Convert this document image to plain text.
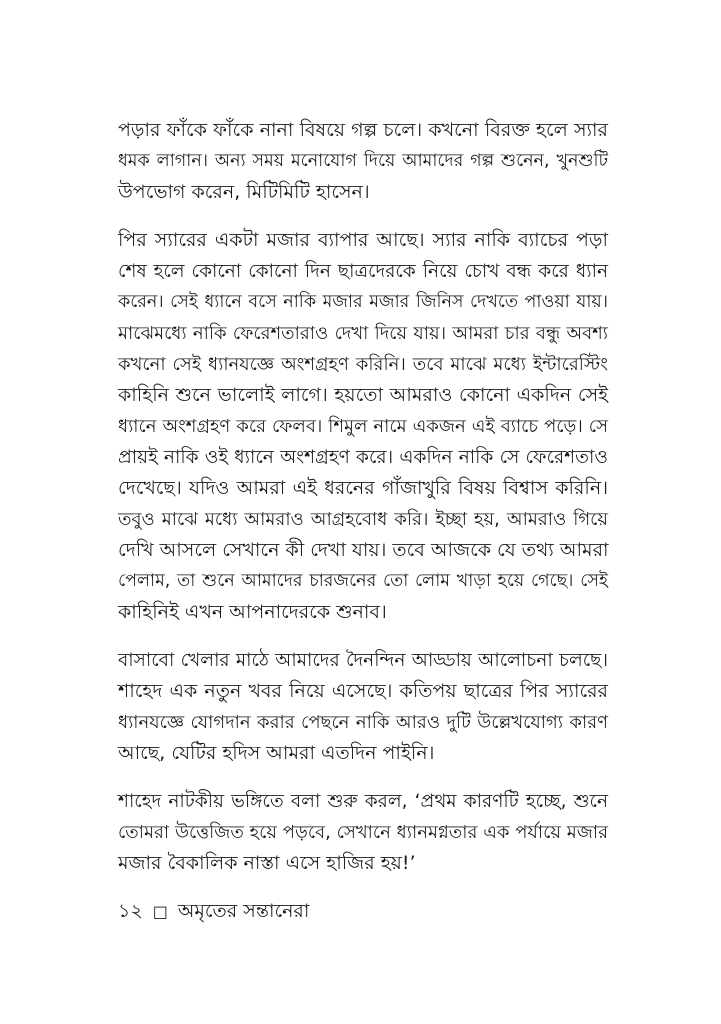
পড়ার ফাঁকে ফাঁকে নানা বিষয়ে গল্প চলে। কখনো বিরক্ত হলে স্যার
ধমক লাগান। অন্য সময় মনোযোগ দিয়ে আমাদের গল্প শুনেন, খুনশুটি
উপভোগ করেন, মিটিমিটি হাসেন।
পির স্যারের একটা মজার ব্যাপার আছে। স্যার নাকি ব্যাচের পড়া
শেষ হলে কোনো কোনো দিন ছাত্রদেরকে নিয়ে চোখ বন্ধ করে ধ্যান
করেন। সেই ধ্যানে বসে নাকি মজার মজার জিনিস দেখতে পাওয়া যায়।
মাঝেমধ্যে নাকি ফেরেশতারাও দেখা দিয়ে যায়। আমরা চার বন্ধু অবশ্য
কখনো সেই ধ্যানযজ্ঞে অংশগ্রহণ করিনি। তবে মাঝে মধ্যে ইন্টারেস্টিং
কাহিনি শুনে ভালোই লাগে। হয়তো আমরাও কোনো একদিন সেই
ধ্যানে অংশগ্রহণ করে ফেলব। শিমুল নামে একজন এই ব্যাচে পড়ে। সে
প্রায়ই নাকি ওই ধ্যানে অংশগ্রহণ করে। একদিন নাকি সে ফেরেশতাও
দেখেছে। যদিও আমরা এই ধরনের গাঁজাখুরি বিষয় বিশ্বাস করিনি।
তবুও মাঝে মধ্যে আমরাও আগ্রহবোধ করি। ইচ্ছা হয়, আমরাও গিয়ে
দেখি আসলে সেখানে কী দেখা যায়। তবে আজকে যে তথ্য আমরা
পেলাম, তা শুনে আমাদের চারজনের তো লোম খাড়া হয়ে গেছে। সেই
কাহিনিই এখন আপনাদেরকে শুনাব।
বাসাবো খেলার মাঠে আমাদের দৈনন্দিন আড্ডায় আলোচনা চলছে।
শাহেদ এক নতুন খবর নিয়ে এসেছে। কতিপয় ছাত্রের পির স্যারের
ধ্যানযজ্ঞে যোগদান করার পেছনে নাকি আরও দুটি উল্লেখযোগ্য কারণ
আছে, যেটির হদিস আমরা এতদিন পাইনি।
শাহেদ নাটকীয় ভঙ্গিতে বলা শুরু করল, ‘প্রথম কারণটি হচ্ছে, শুনে
তোমরা উত্তেজিত হয়ে পড়বে, সেখানে ধ্যানমগ্নতার এক পর্যায়ে মজার
মজার বৈকালিক নাস্তা এসে হাজির হয়!’
১২ □ অমৃতের সন্তানেরা
